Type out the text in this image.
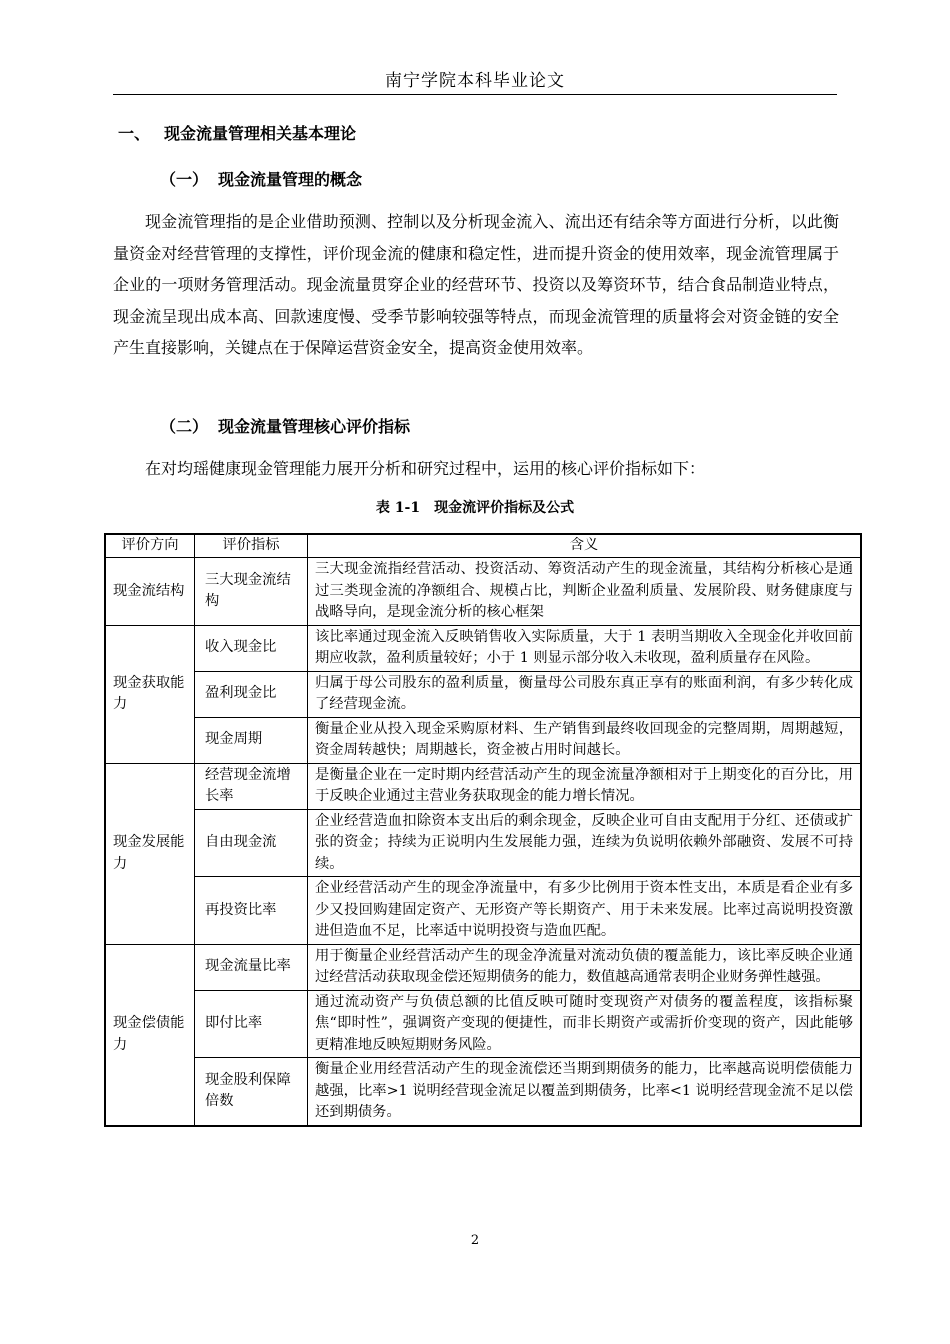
南宁学院本科毕业论文
一、 现金流量管理相关基本理论
（一） 现金流量管理的概念
现金流管理指的是企业借助预测、控制以及分析现金流入、流出还有结余等方面进行分析，以此衡量资金对经营管理的支撑性，评价现金流的健康和稳定性，进而提升资金的使用效率，现金流管理属于企业的一项财务管理活动。现金流量贯穿企业的经营环节、投资以及筹资环节，结合食品制造业特点，现金流呈现出成本高、回款速度慢、受季节影响较强等特点，而现金流管理的质量将会对资金链的安全产生直接影响，关键点在于保障运营资金安全，提高资金使用效率。
（二） 现金流量管理核心评价指标
在对均瑶健康现金管理能力展开分析和研究过程中，运用的核心评价指标如下：
表 1-1　现金流评价指标及公式
评价方向	评价指标	含义
现金流结构	三大现金流结构	三大现金流指经营活动、投资活动、筹资活动产生的现金流量，其结构分析核心是通过三类现金流的净额组合、规模占比，判断企业盈利质量、发展阶段、财务健康度与战略导向，是现金流分析的核心框架
现金获取能力	收入现金比	该比率通过现金流入反映销售收入实际质量，大于 1 表明当期收入全现金化并收回前期应收款，盈利质量较好；小于 1 则显示部分收入未收现，盈利质量存在风险。
	盈利现金比	归属于母公司股东的盈利质量，衡量母公司股东真正享有的账面利润，有多少转化成了经营现金流。
	现金周期	衡量企业从投入现金采购原材料、生产销售到最终收回现金的完整周期，周期越短，资金周转越快；周期越长，资金被占用时间越长。
现金发展能力	经营现金流增长率	是衡量企业在一定时期内经营活动产生的现金流量净额相对于上期变化的百分比，用于反映企业通过主营业务获取现金的能力增长情况。
	自由现金流	企业经营造血扣除资本支出后的剩余现金，反映企业可自由支配用于分红、还债或扩张的资金；持续为正说明内生发展能力强，连续为负说明依赖外部融资、发展不可持续。
	再投资比率	企业经营活动产生的现金净流量中，有多少比例用于资本性支出，本质是看企业有多少又投回购建固定资产、无形资产等长期资产、用于未来发展。比率过高说明投资激进但造血不足，比率适中说明投资与造血匹配。
现金偿债能力	现金流量比率	用于衡量企业经营活动产生的现金净流量对流动负债的覆盖能力，该比率反映企业通过经营活动获取现金偿还短期债务的能力，数值越高通常表明企业财务弹性越强。
	即付比率	通过流动资产与负债总额的比值反映可随时变现资产对债务的覆盖程度，该指标聚焦“即时性”，强调资产变现的便捷性，而非长期资产或需折价变现的资产，因此能够更精准地反映短期财务风险。
	现金股利保障倍数	衡量企业用经营活动产生的现金流偿还当期到期债务的能力，比率越高说明偿债能力越强，比率>1 说明经营现金流足以覆盖到期债务，比率<1 说明经营现金流不足以偿还到期债务。
2
